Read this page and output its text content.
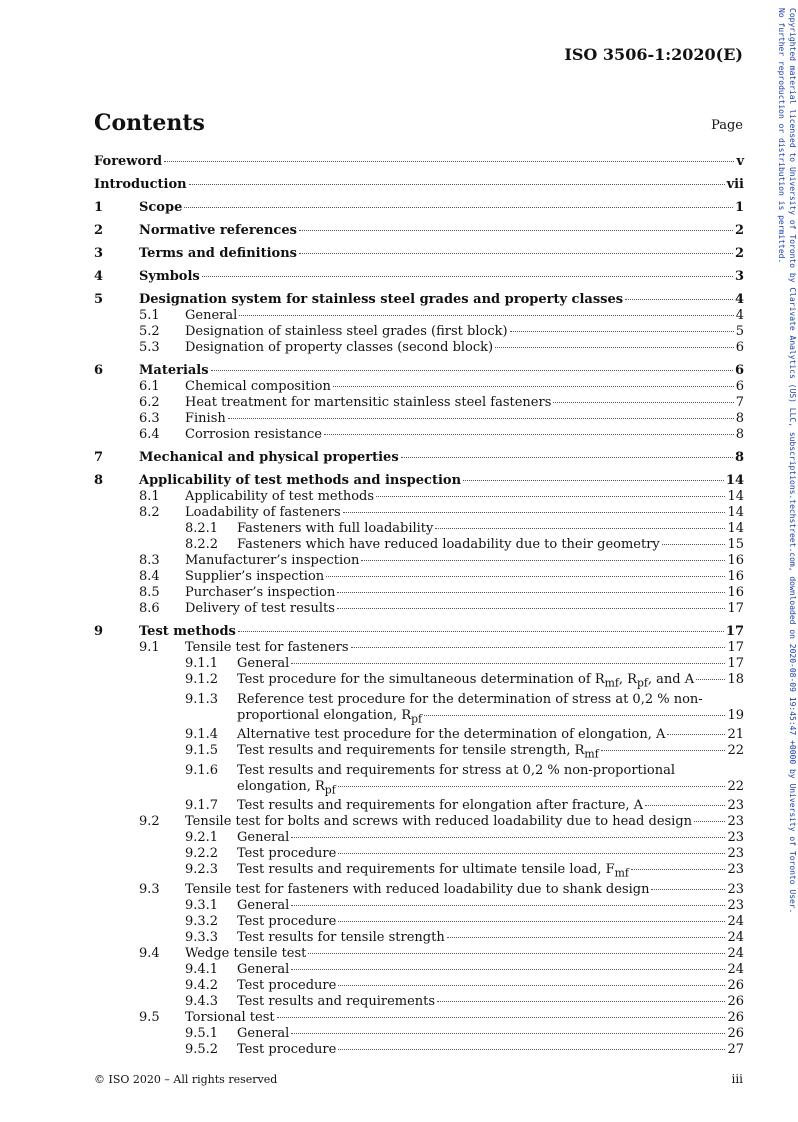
ISO 3506-1:2020(E)	Copyrighted material licensed to University of Toronto by Clarivate Analytics (US) LLC, subscriptions.techstreet.com, downloaded on 2020-08-09 19:45:47 +0000 by University of Toronto User.
No further reproduction or distribution is permitted.
Contents	Page
Foreword	v
Introduction	vii
1	Scope	1
2	Normative references	2
3	Terms and definitions	2
4	Symbols	3
5	Designation system for stainless steel grades and property classes	4
5.1	General	4
5.2	Designation of stainless steel grades (first block)	5
5.3	Designation of property classes (second block)	6
6	Materials	6
6.1	Chemical composition	6
6.2	Heat treatment for martensitic stainless steel fasteners	7
6.3	Finish	8
6.4	Corrosion resistance	8
7	Mechanical and physical properties	8
8	Applicability of test methods and inspection	14
8.1	Applicability of test methods	14
8.2	Loadability of fasteners	14
8.2.1	Fasteners with full loadability	14
8.2.2	Fasteners which have reduced loadability due to their geometry	15
8.3	Manufacturer’s inspection	16
8.4	Supplier’s inspection	16
8.5	Purchaser’s inspection	16
8.6	Delivery of test results	17
9	Test methods	17
9.1	Tensile test for fasteners	17
9.1.1	General	17
9.1.2	Test procedure for the simultaneous determination of $R_{mf}$, $R_{pf}$, and A	18
9.1.3	Reference test procedure for the determination of stress at 0,2 % non-
proportional elongation, $R_{pf}$	19
9.1.4	Alternative test procedure for the determination of elongation, A	21
9.1.5	Test results and requirements for tensile strength, $R_{mf}$	22
9.1.6	Test results and requirements for stress at 0,2 % non-proportional
elongation, $R_{pf}$	22
9.1.7	Test results and requirements for elongation after fracture, A	23
9.2	Tensile test for bolts and screws with reduced loadability due to head design	23
9.2.1	General	23
9.2.2	Test procedure	23
9.2.3	Test results and requirements for ultimate tensile load, $F_{mf}$	23
9.3	Tensile test for fasteners with reduced loadability due to shank design	23
9.3.1	General	23
9.3.2	Test procedure	24
9.3.3	Test results for tensile strength	24
9.4	Wedge tensile test	24
9.4.1	General	24
9.4.2	Test procedure	26
9.4.3	Test results and requirements	26
9.5	Torsional test	26
9.5.1	General	26
9.5.2	Test procedure	27
© ISO 2020 – All rights reserved	iii
